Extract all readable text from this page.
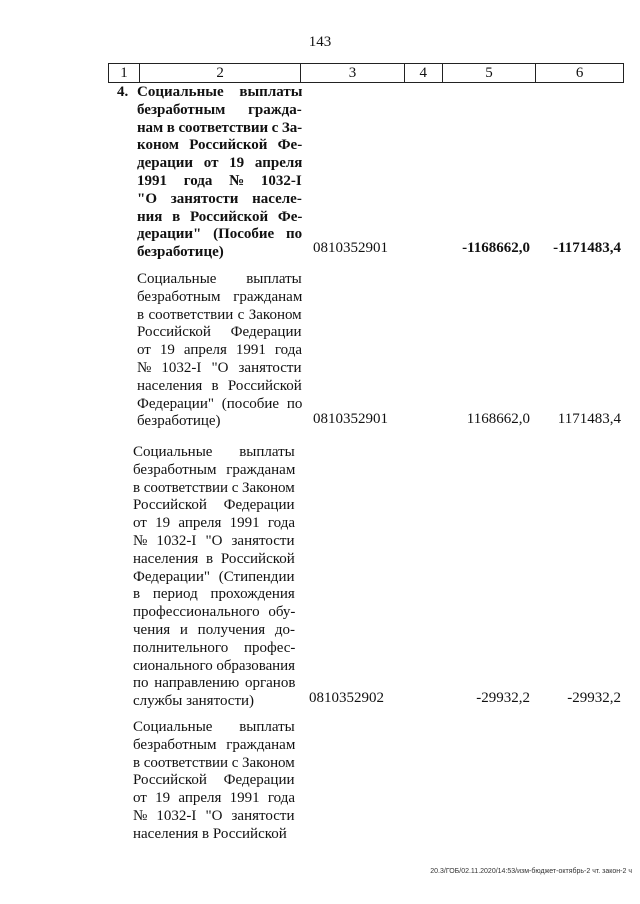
143
1	2	3	4	5	6
4. Социальные выплаты
безработным гражда-
нам в соответствии с За-
коном Российской Фе-
дерации от 19 апреля
1991 года № 1032-I
"О занятости населе-
ния в Российской Фе-
дерации" (Пособие по
безработице)	0810352901	-1168662,0 -1171483,4

Социальные выплаты
безработным гражданам
в соответствии с Законом
Российской Федерации
от 19 апреля 1991 года
№ 1032-I "О занятости
населения в Российской
Федерации" (пособие по
безработице)	0810352901	1168662,0 1171483,4

Социальные выплаты
безработным гражданам
в соответствии с Законом
Российской Федерации
от 19 апреля 1991 года
№ 1032-I "О занятости
населения в Российской
Федерации" (Стипендии
в период прохождения
профессионального обу-
чения и получения до-
полнительного профес-
сионального образования
по направлению органов
службы занятости)	0810352902	-29932,2 -29932,2

Социальные выплаты
безработным гражданам
в соответствии с Законом
Российской Федерации
от 19 апреля 1991 года
№ 1032-I "О занятости
населения в Российской

20.3/ГОБ/02.11.2020/14:53/изм-бюджет-октябрь-2 чт. закон-2 ч
